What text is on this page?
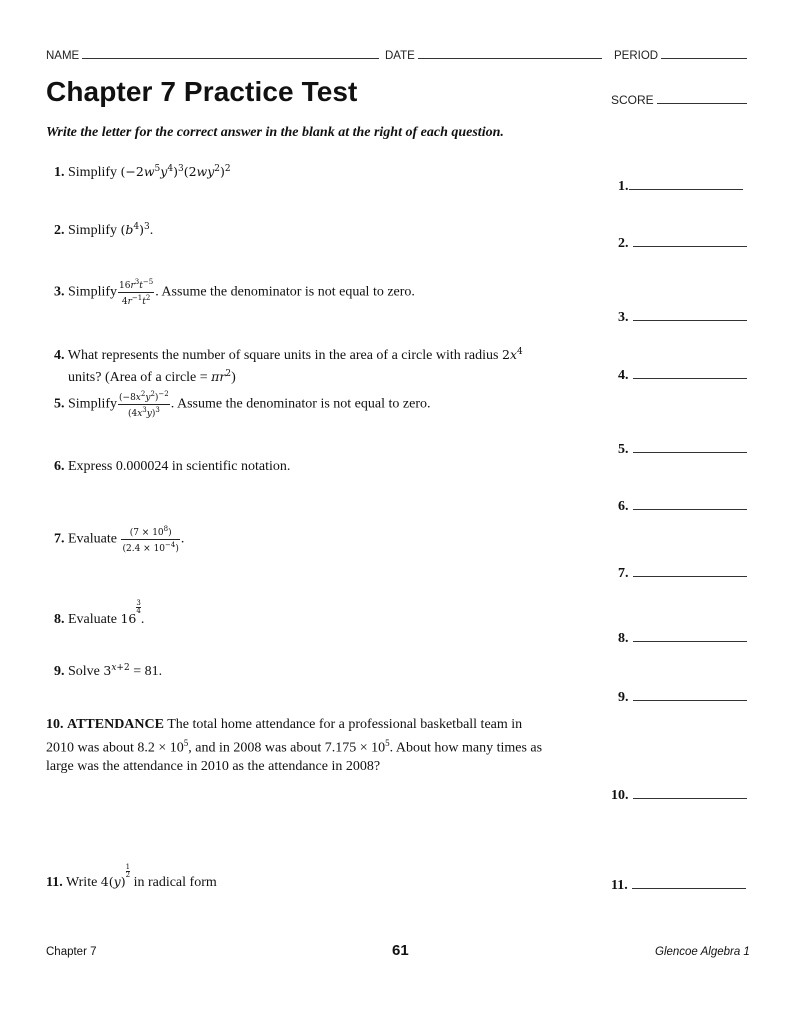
NAME	DATE	PERIOD
Chapter 7 Practice Test	SCORE
Write the letter for the correct answer in the blank at the right of each question.
1. Simplify $(-2w^5y^4)^3(2wy^2)^2$
2. Simplify $(b^4)^3$.
3. Simplify $\frac{16r^3t^{-5}}{4r^{-1}t^2}$ . Assume the denominator is not equal to zero.
4. What represents the number of square units in the area of a circle with radius $2x^4$
units? (Area of a circle = $\pi r^2$)
5. Simplify $\frac{(-8x^2y^2)^{-2}}{(4x^3y)^3}$ . Assume the denominator is not equal to zero.
6. Express 0.000024 in scientific notation.
7. Evaluate $\frac{(7 \times 10^8)}{(2.4 \times 10^{-4})}$ .
8. Evaluate 16
$\frac{3}{4}$
.
9. Solve $3^{x+2} = 81$.
10. ATTENDANCE The total home attendance for a professional basketball team in
2010 was about $8.2 \times 10^5$, and in 2008 was about $7.175 \times 10^5$. About how many times as
large was the attendance in 2010 as the attendance in 2008?
11. Write 4(y)
$\frac{1}{2}$
in radical form
1.
2.
3.
4.
5.
6.
7.
8.
9.
10.
11.
Chapter 7	61	Glencoe Algebra 1
